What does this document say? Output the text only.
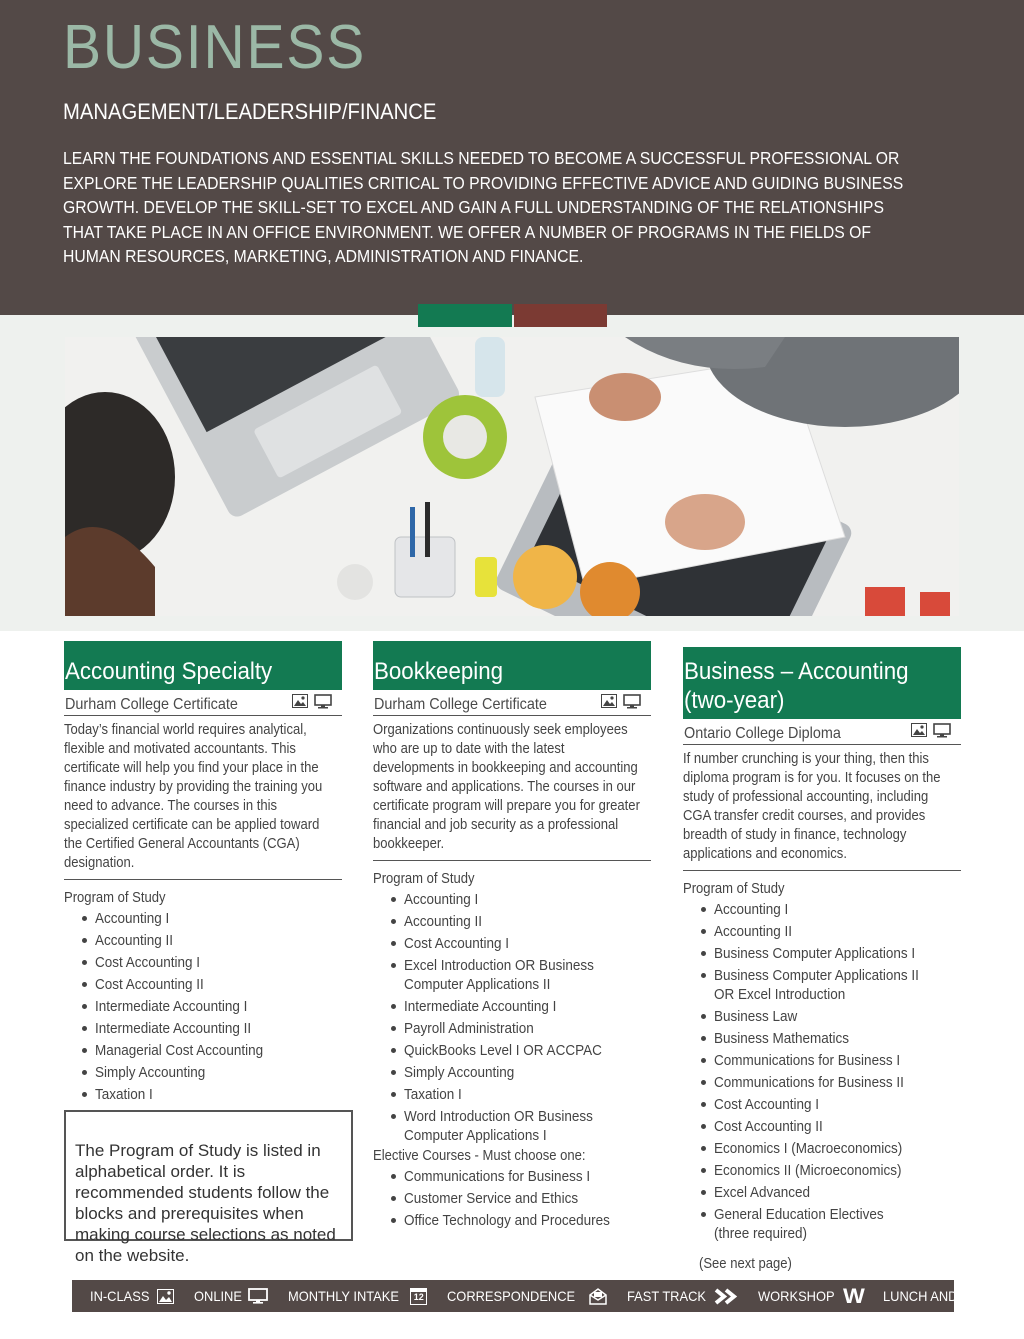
BUSINESS
MANAGEMENT/LEADERSHIP/FINANCE
LEARN THE FOUNDATIONS AND ESSENTIAL SKILLS NEEDED TO BECOME A SUCCESSFUL PROFESSIONAL OR EXPLORE THE LEADERSHIP QUALITIES CRITICAL TO PROVIDING EFFECTIVE ADVICE AND GUIDING BUSINESS GROWTH. DEVELOP THE SKILL-SET TO EXCEL AND GAIN A FULL UNDERSTANDING OF THE RELATIONSHIPS THAT TAKE PLACE IN AN OFFICE ENVIRONMENT. WE OFFER A NUMBER OF PROGRAMS IN THE FIELDS OF HUMAN RESOURCES, MARKETING, ADMINISTRATION AND FINANCE.
Accounting Specialty
Durham College Certificate
Today’s financial world requires analytical, flexible and motivated accountants. This certificate will help you find your place in the finance industry by providing the training you need to advance. The courses in this specialized certificate can be applied toward the Certified General Accountants (CGA) designation.
Program of Study
Accounting I
Accounting II
Cost Accounting I
Cost Accounting II
Intermediate Accounting I
Intermediate Accounting II
Managerial Cost Accounting
Simply Accounting
Taxation I
The Program of Study is listed in alphabetical order. It is recommended students follow the blocks and prerequisites when making course selections as noted on the website.
Bookkeeping
Durham College Certificate
Organizations continuously seek employees who are up to date with the latest developments in bookkeeping and accounting software and applications. The courses in our certificate program will prepare you for greater financial and job security as a professional bookkeeper.
Program of Study
Accounting I
Accounting II
Cost Accounting I
Excel Introduction OR Business Computer Applications II
Intermediate Accounting I
Payroll Administration
QuickBooks Level I OR ACCPAC
Simply Accounting
Taxation I
Word Introduction OR Business Computer Applications I
Elective Courses - Must choose one:
Communications for Business I
Customer Service and Ethics
Office Technology and Procedures
Business – Accounting (two-year)
Ontario College Diploma
If number crunching is your thing, then this diploma program is for you. It focuses on the study of professional accounting, including CGA transfer credit courses, and provides breadth of study in finance, technology applications and economics.
Program of Study
Accounting I
Accounting II
Business Computer Applications I
Business Computer Applications II OR Excel Introduction
Business Law
Business Mathematics
Communications for Business I
Communications for Business II
Cost Accounting I
Cost Accounting II
Economics I (Macroeconomics)
Economics II (Microeconomics)
Excel Advanced
General Education Electives (three required)
(See next page)
IN-CLASS	ONLINE	MONTHLY INTAKE	12 CORRESPONDENCE	FAST TRACK	WORKSHOP W LUNCH AND LEARN
